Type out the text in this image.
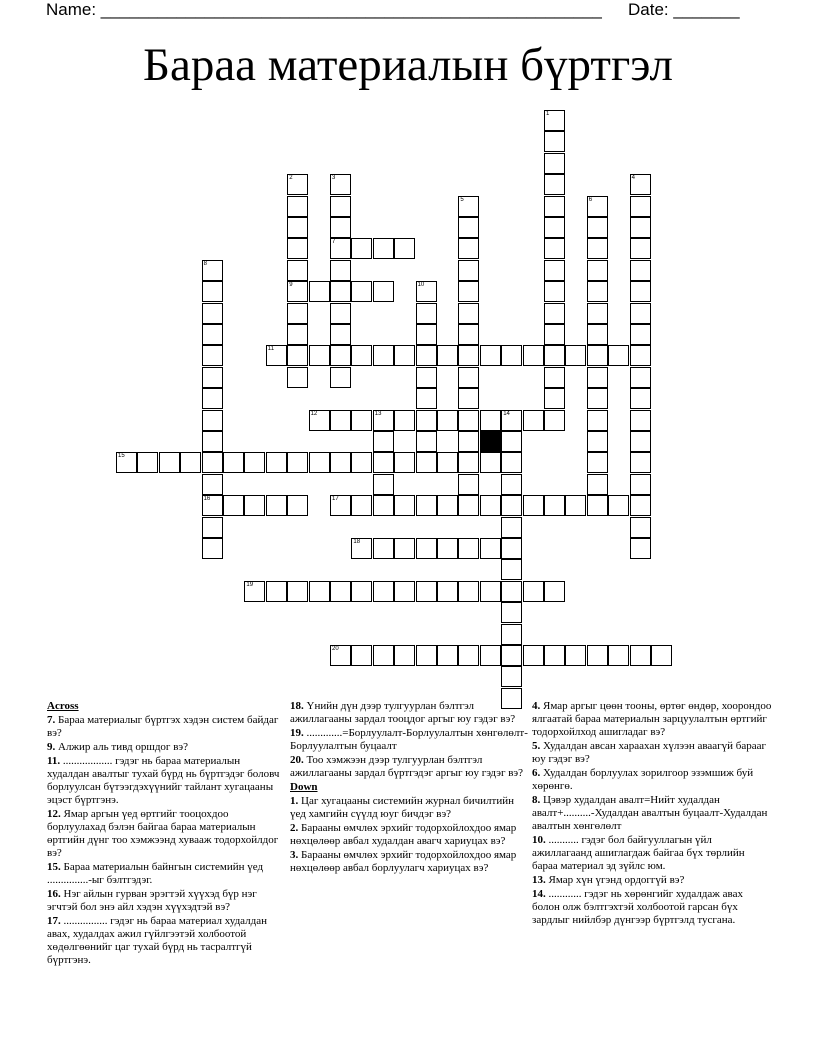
Name: _____________________________________________________ Date: _______
Бараа материалын бүртгэл
1
2
9
3
7
4
5	6
8
16
10
11
12	13	14
15
17
18
19
20

Across

7. Бараа материалыг бүртгэх хэдэн систем байдаг вэ?

9. Алжир аль тивд оршдог вэ?

11. .................. гэдэг нь бараа материалын худалдан авалтыг тухай бүрд нь бүртгэдэг боловч борлуулсан бүтээгдэхүүнийг тайлант хугацааны эцэст бүртгэнэ.

12. Ямар аргын үед өртгийг тооцохдоо борлуулахад бэлэн байгаа бараа материалын өртгийн дүнг тоо хэмжээнд хувааж тодорхойлдог вэ?

15. Бараа материалын байнгын системийн үед ...............-ыг бэлтгэдэг.

16. Нэг айлын гурван эрэгтэй хүүхэд бүр нэг эгчтэй бол энэ айл хэдэн хүүхэдтэй вэ?

17. ................ гэдэг нь бараа материал худалдан авах, худалдах ажил гүйлгээтэй холбоотой хөдөлгөөнийг цаг тухай бүрд нь тасралтгүй бүртгэнэ.

18. Үнийн дүн дээр тулгуурлан бэлтгэл ажиллагааны зардал тооцдог аргыг юу гэдэг вэ?

19. .............=Борлуулалт-Борлуулалтын хөнгөлөлт-Борлуулалтын буцаалт

20. Тоо хэмжээн дээр тулгуурлан бэлтгэл ажиллагааны зардал бүртгэдэг аргыг юу гэдэг вэ?

Down

1. Цаг хугацааны системийн журнал бичилтийн үед хамгийн сүүлд юуг бичдэг вэ?

2. Барааны өмчлөх эрхийг тодорхойлохдоо ямар нөхцөлөөр авбал худалдан авагч хариуцах вэ?

3. Барааны өмчлөх эрхийг тодорхойлохдоо ямар нөхцөлөөр авбал борлуулагч хариуцах вэ?

4. Ямар аргыг цөөн тооны, өртөг өндөр, хоорондоо ялгаатай бараа материалын зарцуулалтын өртгийг тодорхойлход ашигладаг вэ?

5. Худалдан авсан хараахан хүлээн аваагүй барааг юу гэдэг вэ?

6. Худалдан борлуулах зорилгоор эзэмшиж буй хөрөнгө.

8. Цэвэр худалдан авалт=Нийт худалдан авалт+..........-Худалдан авалтын буцаалт-Худалдан авалтын хөнгөлөлт

10. ........... гэдэг бол байгууллагын үйл ажиллагаанд ашиглагдаж байгаа бүх төрлийн бараа материал эд зүйлс юм.

13. Ямар хүн үгэнд ордоггүй вэ?

14. ............ гэдэг нь хөрөнгийг худалдаж авах болон олж бэлтгэхтэй холбоотой гарсан бүх зардлыг нийлбэр дүнгээр бүртгэлд тусгана.
